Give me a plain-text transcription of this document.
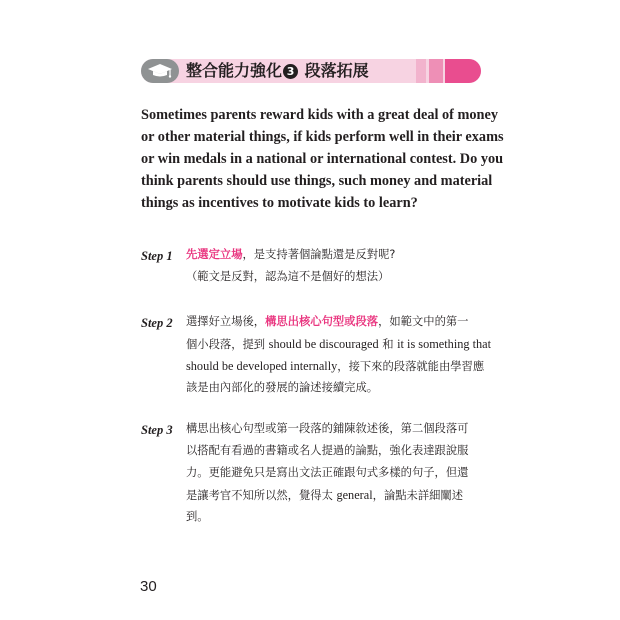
整合能力強化 3 段落拓展
Sometimes parents reward kids with a great deal of money
or other material things, if kids perform well in their exams
or win medals in a national or international contest. Do you
think parents should use things, such money and material
things as incentives to motivate kids to learn?
Step 1 先選定立場，是支持著個論點還是反對呢?
（範文是反對，認為這不是個好的想法）
Step 2 選擇好立場後，構思出核心句型或段落，如範文中的第一
個小段落，提到 should be discouraged 和 it is something that
should be developed internally，接下來的段落就能由學習應
該是由內部化的發展的論述接續完成。
Step 3 構思出核心句型或第一段落的鋪陳敘述後，第二個段落可
以搭配有看過的書籍或名人提過的論點，強化表達跟說服
力。更能避免只是寫出文法正確跟句式多樣的句子，但還
是讓考官不知所以然，覺得太 general，論點未詳細闡述
到。
30
